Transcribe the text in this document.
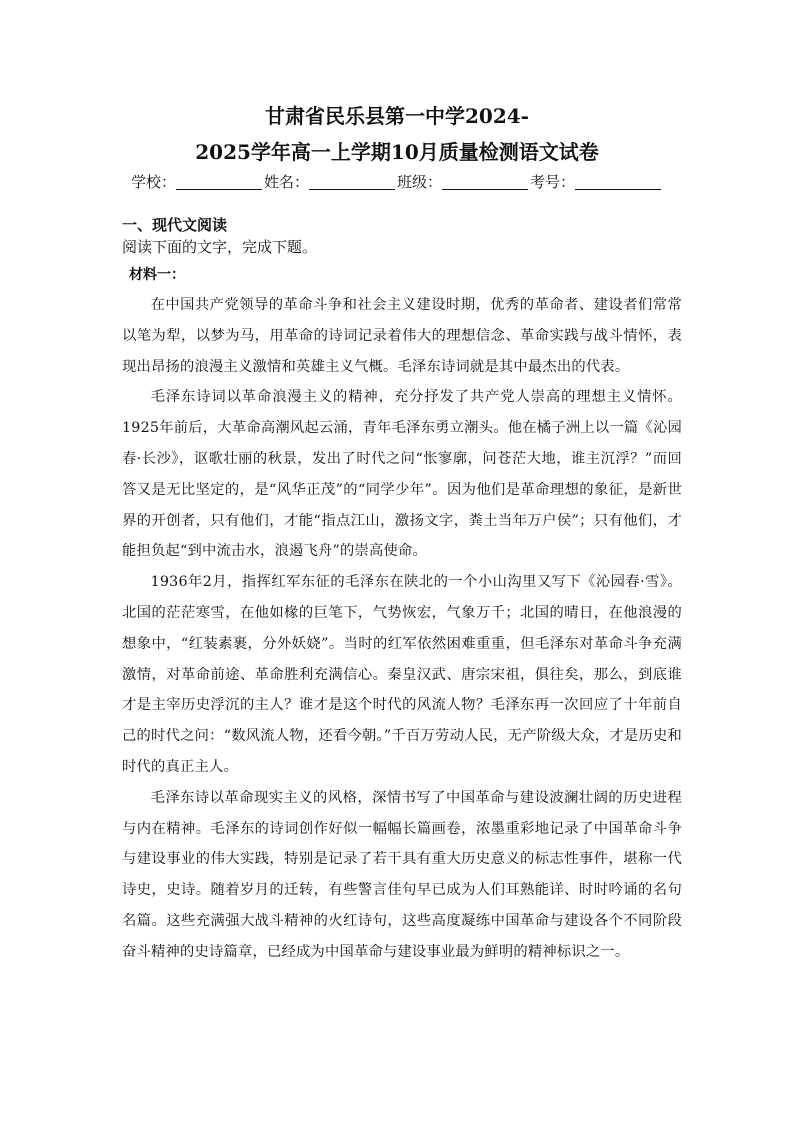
甘肃省民乐县第一中学2024-
2025学年高一上学期10月质量检测语文试卷
学校：	姓名：	班级：	考号：
一、现代文阅读
阅读下面的文字，完成下题。
材料一：

在中国共产党领导的革命斗争和社会主义建设时期，优秀的革命者、建设者们常常以笔为犁，以梦为马，用革命的诗词记录着伟大的理想信念、革命实践与战斗情怀，表现出昂扬的浪漫主义激情和英雄主义气概。毛泽东诗词就是其中最杰出的代表。

毛泽东诗词以革命浪漫主义的精神，充分抒发了共产党人崇高的理想主义情怀。1925年前后，大革命高潮风起云涌，青年毛泽东勇立潮头。他在橘子洲上以一篇《沁园春·长沙》，讴歌壮丽的秋景，发出了时代之问“怅寥廓，问苍茫大地，谁主沉浮？”而回答又是无比坚定的，是“风华正茂”的“同学少年”。因为他们是革命理想的象征，是新世界的开创者，只有他们，才能“指点江山，激扬文字，粪土当年万户侯”；只有他们，才能担负起“到中流击水，浪遏飞舟”的崇高使命。

1936年2月，指挥红军东征的毛泽东在陕北的一个小山沟里又写下《沁园春·雪》。北国的茫茫寒雪，在他如椽的巨笔下，气势恢宏，气象万千；北国的晴日，在他浪漫的想象中，“红装素裹，分外妖娆”。当时的红军依然困难重重，但毛泽东对革命斗争充满激情，对革命前途、革命胜利充满信心。秦皇汉武、唐宗宋祖，俱往矣，那么，到底谁才是主宰历史浮沉的主人？谁才是这个时代的风流人物？毛泽东再一次回应了十年前自己的时代之问：“数风流人物，还看今朝。”千百万劳动人民，无产阶级大众，才是历史和时代的真正主人。

毛泽东诗以革命现实主义的风格，深情书写了中国革命与建设波澜壮阔的历史进程与内在精神。毛泽东的诗词创作好似一幅幅长篇画卷，浓墨重彩地记录了中国革命斗争与建设事业的伟大实践，特别是记录了若干具有重大历史意义的标志性事件，堪称一代诗史，史诗。随着岁月的迁转，有些警言佳句早已成为人们耳熟能详、时时吟诵的名句名篇。这些充满强大战斗精神的火红诗句，这些高度凝练中国革命与建设各个不同阶段奋斗精神的史诗篇章，已经成为中国革命与建设事业最为鲜明的精神标识之一。
